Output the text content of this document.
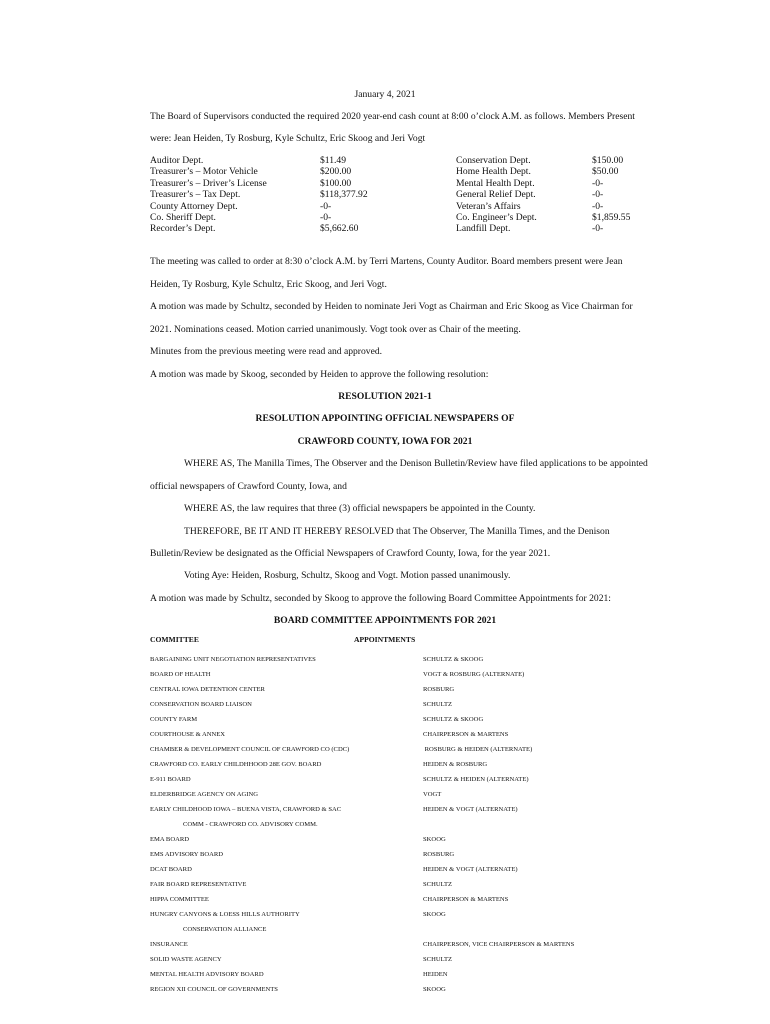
January 4, 2021
The Board of Supervisors conducted the required 2020 year-end cash count at 8:00 o’clock A.M. as follows. Members Present
were: Jean Heiden, Ty Rosburg, Kyle Schultz, Eric Skoog and Jeri Vogt
Auditor Dept.	$11.49	Conservation Dept.	$150.00
Treasurer’s – Motor Vehicle	$200.00	Home Health Dept.	$50.00
Treasurer’s – Driver’s License	$100.00	Mental Health Dept.	-0-
Treasurer’s – Tax Dept.	$118,377.92	General Relief Dept.	-0-
County Attorney Dept.	-0-	Veteran’s Affairs	-0-
Co. Sheriff Dept.	-0-	Co. Engineer’s Dept.	$1,859.55
Recorder’s Dept.	$5,662.60	Landfill Dept.	-0-
The meeting was called to order at 8:30 o’clock A.M. by Terri Martens, County Auditor. Board members present were Jean
Heiden, Ty Rosburg, Kyle Schultz, Eric Skoog, and Jeri Vogt.
A motion was made by Schultz, seconded by Heiden to nominate Jeri Vogt as Chairman and Eric Skoog as Vice Chairman for
2021. Nominations ceased. Motion carried unanimously. Vogt took over as Chair of the meeting.
Minutes from the previous meeting were read and approved.
A motion was made by Skoog, seconded by Heiden to approve the following resolution:
RESOLUTION 2021-1
RESOLUTION APPOINTING OFFICIAL NEWSPAPERS OF
CRAWFORD COUNTY, IOWA FOR 2021
WHERE AS, The Manilla Times, The Observer and the Denison Bulletin/Review have filed applications to be appointed
official newspapers of Crawford County, Iowa, and
WHERE AS, the law requires that three (3) official newspapers be appointed in the County.
THEREFORE, BE IT AND IT HEREBY RESOLVED that The Observer, The Manilla Times, and the Denison
Bulletin/Review be designated as the Official Newspapers of Crawford County, Iowa, for the year 2021.
Voting Aye: Heiden, Rosburg, Schultz, Skoog and Vogt. Motion passed unanimously.
A motion was made by Schultz, seconded by Skoog to approve the following Board Committee Appointments for 2021:
BOARD COMMITTEE APPOINTMENTS FOR 2021
COMMITTEE	APPOINTMENTS
BARGAINING UNIT NEGOTIATION REPRESENTATIVES	SCHULTZ & SKOOG
BOARD OF HEALTH	VOGT & ROSBURG (ALTERNATE)
CENTRAL IOWA DETENTION CENTER	ROSBURG
CONSERVATION BOARD LIAISON	SCHULTZ
COUNTY FARM	SCHULTZ & SKOOG
COURTHOUSE & ANNEX	CHAIRPERSON & MARTENS
CHAMBER & DEVELOPMENT COUNCIL OF CRAWFORD CO (CDC)	ROSBURG & HEIDEN (ALTERNATE)
CRAWFORD CO. EARLY CHILDHHOOD 28E GOV. BOARD	HEIDEN & ROSBURG
E-911 BOARD	SCHULTZ & HEIDEN (ALTERNATE)
ELDERBRIDGE AGENCY ON AGING	VOGT
EARLY CHILDHOOD IOWA – BUENA VISTA, CRAWFORD & SAC	HEIDEN & VOGT (ALTERNATE)
COMM - CRAWFORD CO. ADVISORY COMM.
EMA BOARD	SKOOG
EMS ADVISORY BOARD	ROSBURG
DCAT BOARD	HEIDEN & VOGT (ALTERNATE)
FAIR BOARD REPRESENTATIVE	SCHULTZ
HIPPA COMMITTEE	CHAIRPERSON & MARTENS
HUNGRY CANYONS & LOESS HILLS AUTHORITY	SKOOG
CONSERVATION ALLIANCE
INSURANCE	CHAIRPERSON, VICE CHAIRPERSON & MARTENS
SOLID WASTE AGENCY	SCHULTZ
MENTAL HEALTH ADVISORY BOARD	HEIDEN
REGION XII COUNCIL OF GOVERNMENTS	SKOOG
